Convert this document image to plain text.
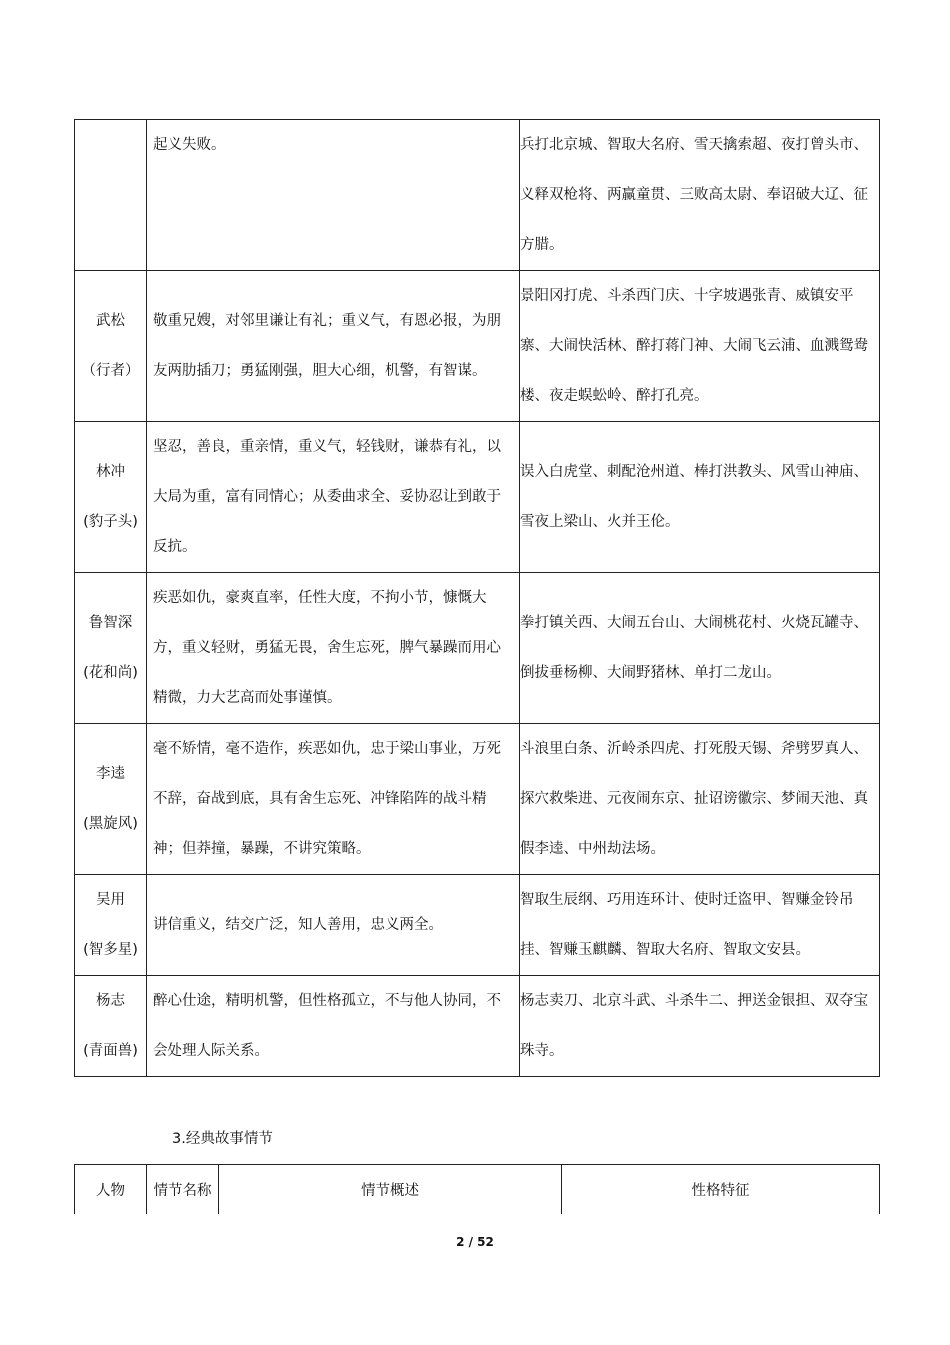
	起义失败。	兵打北京城、智取大名府、雪天擒索超、夜打曾头市、义释双枪将、两赢童贯、三败高太尉、奉诏破大辽、征方腊。

武松
（行者）	敬重兄嫂，对邻里谦让有礼；重义气，有恩必报，为朋友两肋插刀；勇猛刚强，胆大心细，机警，有智谋。	景阳冈打虎、斗杀西门庆、十字坡遇张青、威镇安平寨、大闹快活林、醉打蒋门神、大闹飞云浦、血溅鸳鸯楼、夜走蜈蚣岭、醉打孔亮。

林冲
(豹子头)	坚忍，善良，重亲情，重义气，轻钱财，谦恭有礼，以大局为重，富有同情心；从委曲求全、妥协忍让到敢于反抗。	误入白虎堂、刺配沧州道、棒打洪教头、风雪山神庙、雪夜上梁山、火并王伦。

鲁智深
(花和尚)	疾恶如仇，豪爽直率，任性大度，不拘小节，慷慨大方，重义轻财，勇猛无畏，舍生忘死，脾气暴躁而用心精微，力大艺高而处事谨慎。	拳打镇关西、大闹五台山、大闹桃花村、火烧瓦罐寺、倒拔垂杨柳、大闹野猪林、单打二龙山。

李逵
(黑旋风)	毫不矫情，毫不造作，疾恶如仇，忠于梁山事业，万死不辞，奋战到底，具有舍生忘死、冲锋陷阵的战斗精神；但莽撞，暴躁，不讲究策略。	斗浪里白条、沂岭杀四虎、打死殷天锡、斧劈罗真人、探穴救柴进、元夜闹东京、扯诏谤徽宗、梦闹天池、真假李逵、中州劫法场。

吴用
(智多星)	讲信重义，结交广泛，知人善用，忠义两全。	智取生辰纲、巧用连环计、使时迁盗甲、智赚金铃吊挂、智赚玉麒麟、智取大名府、智取文安县。

杨志
(青面兽)	醉心仕途，精明机警，但性格孤立，不与他人协同，不会处理人际关系。	杨志卖刀、北京斗武、斗杀牛二、押送金银担、双夺宝珠寺。
3.经典故事情节
人物	情节名称	情节概述	性格特征
2 / 52
